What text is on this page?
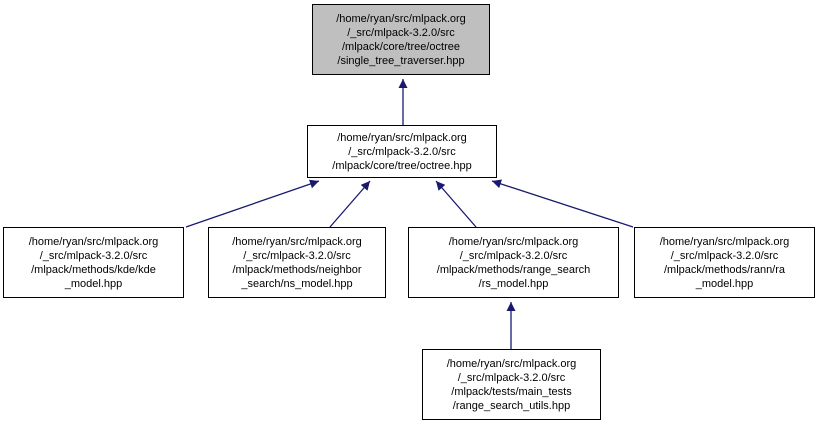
/home/ryan/src/mlpack.org
/_src/mlpack-3.2.0/src
/mlpack/core/tree/octree
/single_tree_traverser.hpp
/home/ryan/src/mlpack.org
/_src/mlpack-3.2.0/src
/mlpack/core/tree/octree.hpp
/home/ryan/src/mlpack.org
/_src/mlpack-3.2.0/src
/mlpack/methods/kde/kde
_model.hpp
/home/ryan/src/mlpack.org
/_src/mlpack-3.2.0/src
/mlpack/methods/neighbor
_search/ns_model.hpp
/home/ryan/src/mlpack.org
/_src/mlpack-3.2.0/src
/mlpack/methods/range_search
/rs_model.hpp
/home/ryan/src/mlpack.org
/_src/mlpack-3.2.0/src
/mlpack/methods/rann/ra
_model.hpp
/home/ryan/src/mlpack.org
/_src/mlpack-3.2.0/src
/mlpack/tests/main_tests
/range_search_utils.hpp
